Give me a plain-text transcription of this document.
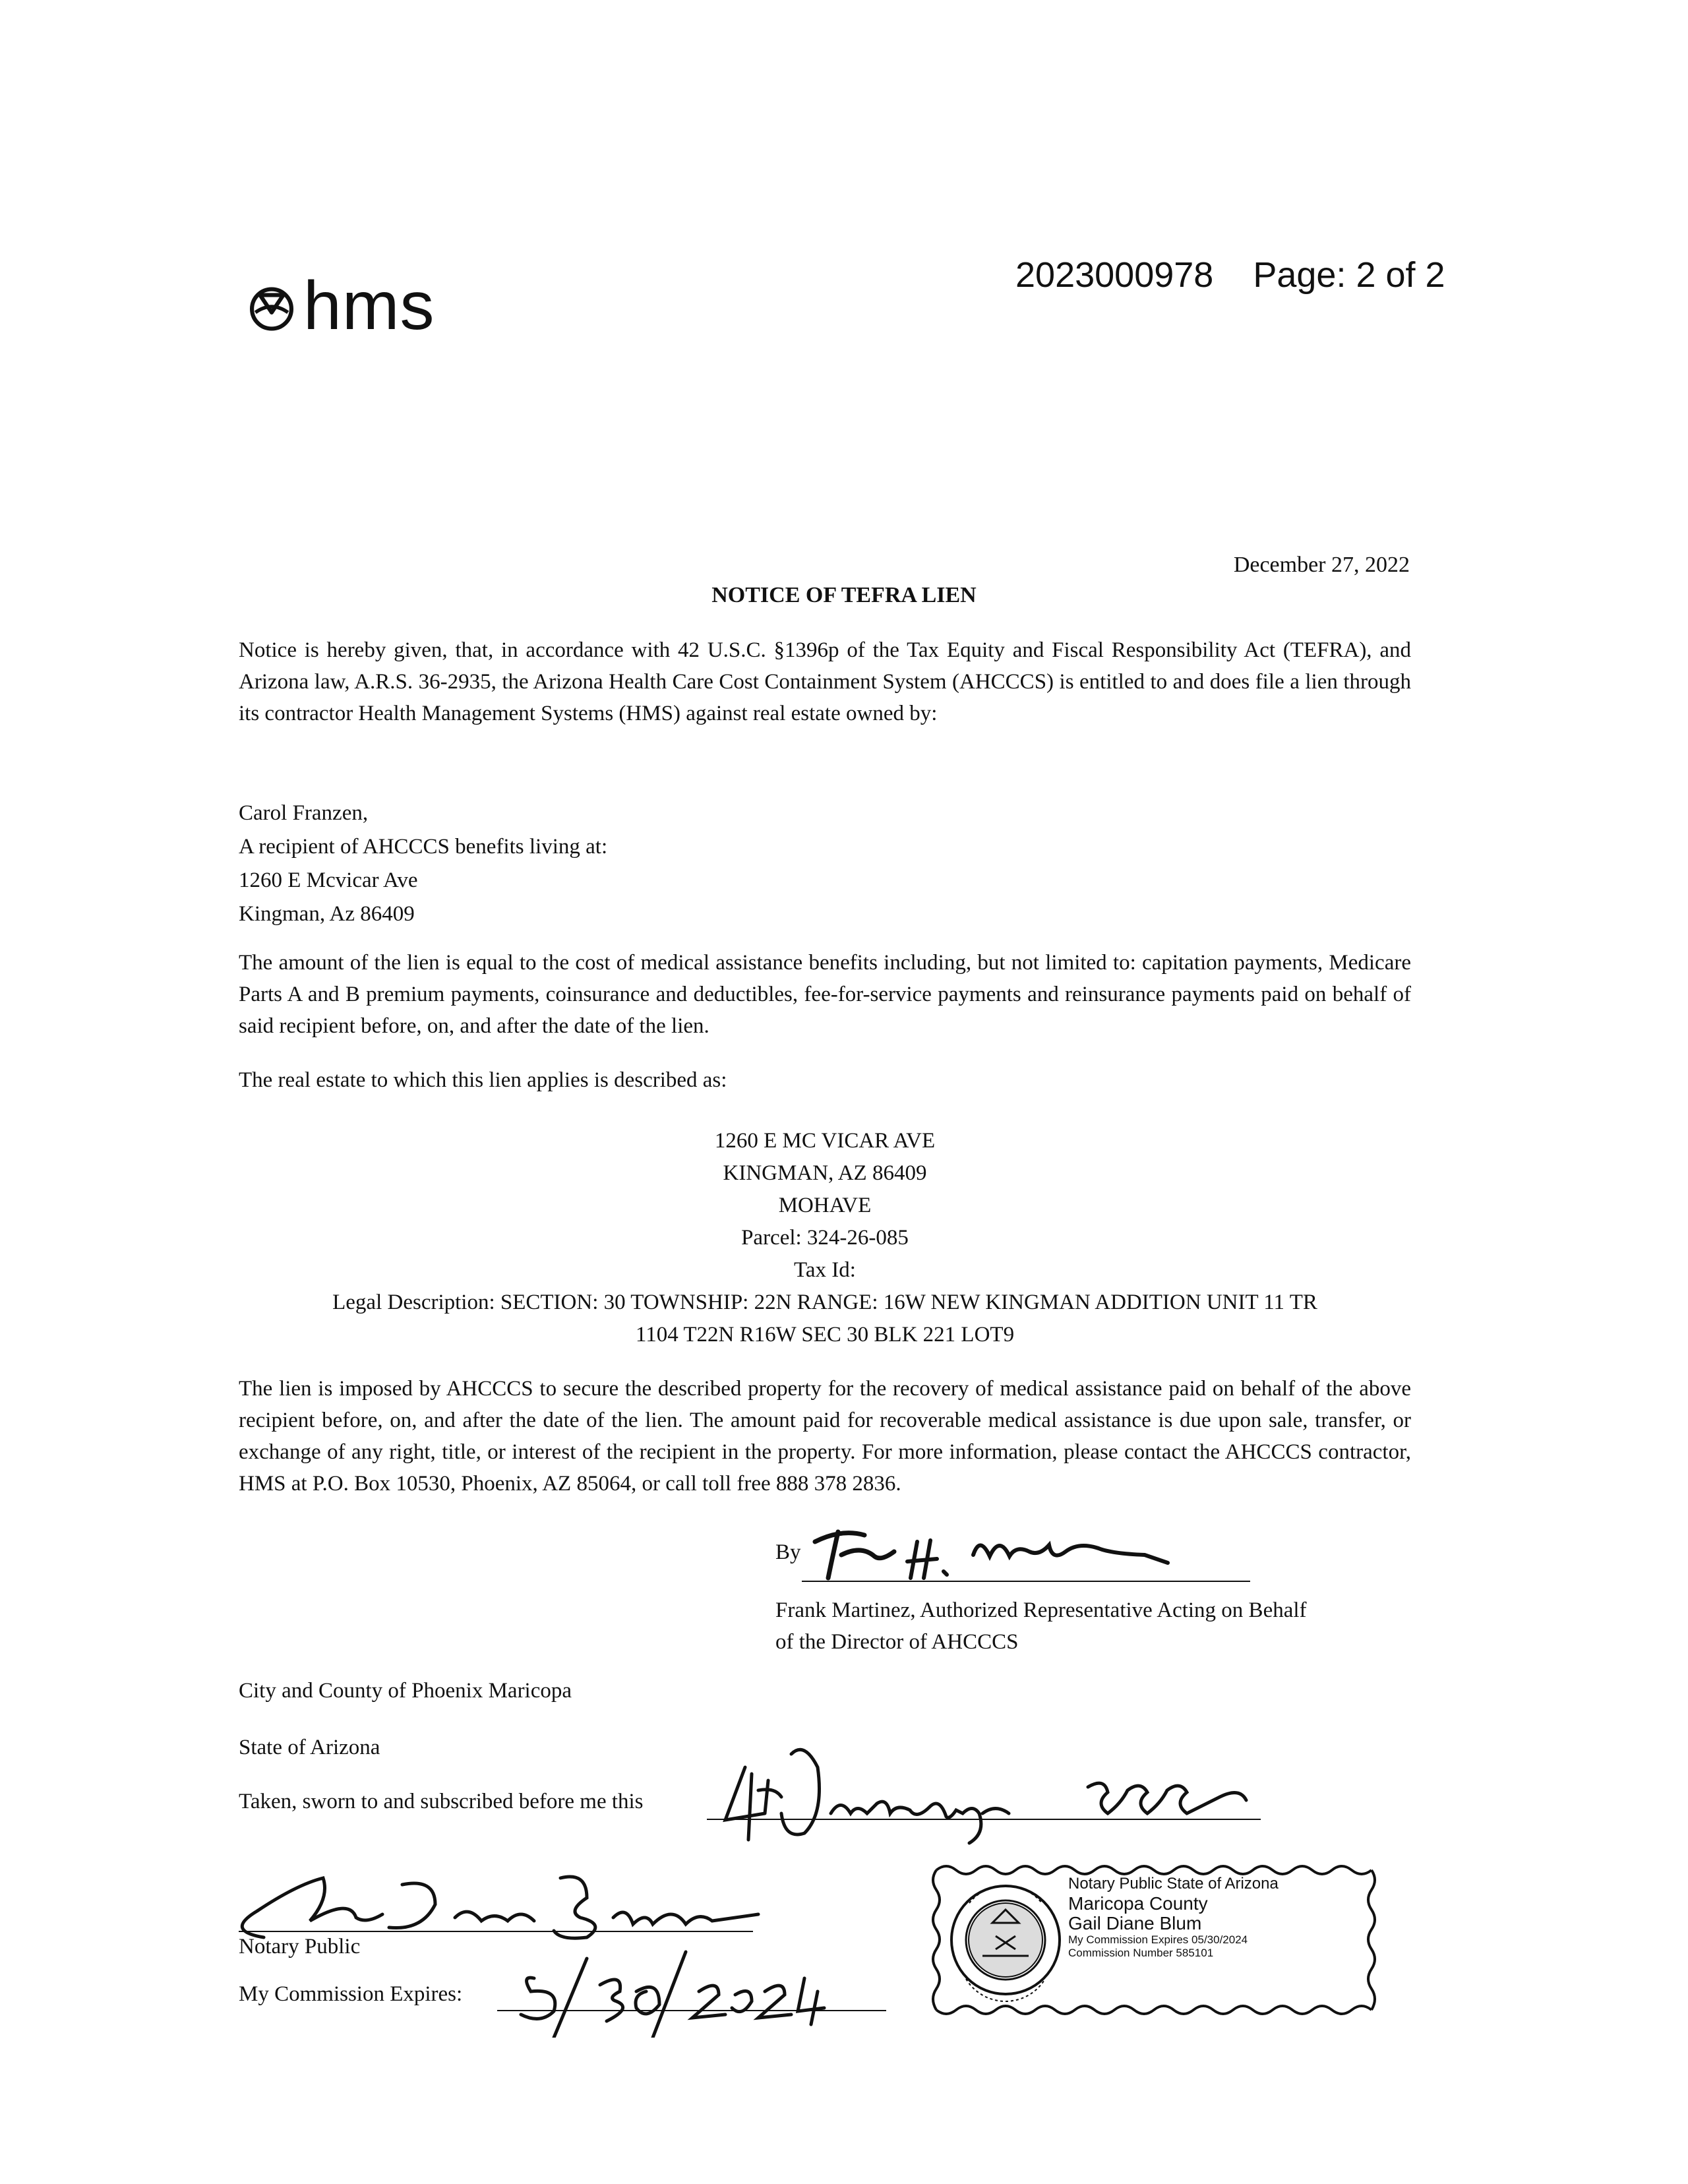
hms	2023000978 Page: 2 of 2
December 27, 2022
NOTICE OF TEFRA LIEN
Notice is hereby given, that, in accordance with 42 U.S.C. §1396p of the Tax Equity and Fiscal Responsibility Act (TEFRA), and Arizona law, A.R.S. 36-2935, the Arizona Health Care Cost Containment System (AHCCCS) is entitled to and does file a lien through its contractor Health Management Systems (HMS) against real estate owned by:
Carol Franzen,
A recipient of AHCCCS benefits living at:
1260 E Mcvicar Ave
Kingman, Az 86409
The amount of the lien is equal to the cost of medical assistance benefits including, but not limited to: capitation payments, Medicare Parts A and B premium payments, coinsurance and deductibles, fee-for-service payments and reinsurance payments paid on behalf of said recipient before, on, and after the date of the lien.
The real estate to which this lien applies is described as:
1260 E MC VICAR AVE
KINGMAN, AZ 86409
MOHAVE
Parcel: 324-26-085
Tax Id:
Legal Description: SECTION: 30 TOWNSHIP: 22N RANGE: 16W NEW KINGMAN ADDITION UNIT 11 TR
1104 T22N R16W SEC 30 BLK 221 LOT9
The lien is imposed by AHCCCS to secure the described property for the recovery of medical assistance paid on behalf of the above recipient before, on, and after the date of the lien. The amount paid for recoverable medical assistance is due upon sale, transfer, or exchange of any right, title, or interest of the recipient in the property. For more information, please contact the AHCCCS contractor, HMS at P.O. Box 10530, Phoenix, AZ 85064, or call toll free 888 378 2836.
By
Frank Martinez, Authorized Representative Acting on Behalf
of the Director of AHCCCS
City and County of Phoenix Maricopa
State of Arizona
Taken, sworn to and subscribed before me this
Notary Public
My Commission Expires:
Notary Public State of Arizona
Maricopa County
Gail Diane Blum
My Commission Expires 05/30/2024
Commission Number 585101
